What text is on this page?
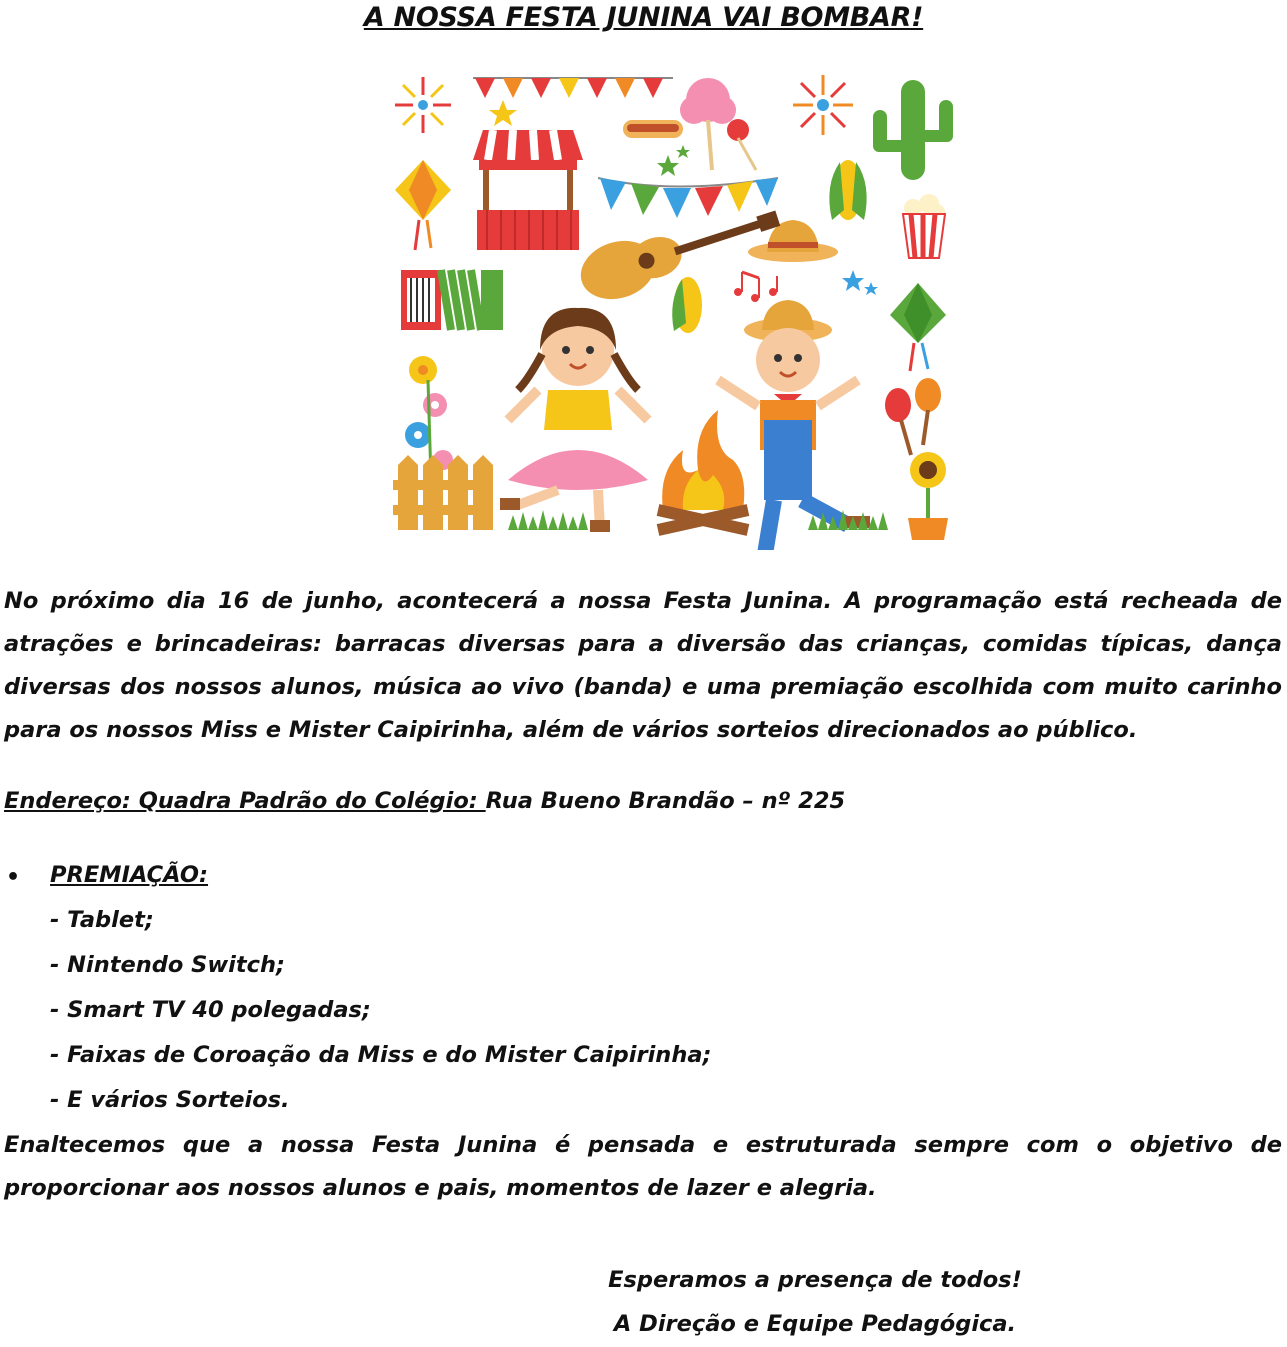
A NOSSA FESTA JUNINA VAI BOMBAR!

No próximo dia 16 de junho, acontecerá a nossa Festa Junina. A programação está recheada de atrações e brincadeiras: barracas diversas para a diversão das crianças, comidas típicas, dança diversas dos nossos alunos, música ao vivo (banda) e uma premiação escolhida com muito carinho para os nossos Miss e Mister Caipirinha, além de vários sorteios direcionados ao público.

Endereço: Quadra Padrão do Colégio: Rua Bueno Brandão – nº 225
• PREMIAÇÃO:
- Tablet;
- Nintendo Switch;
- Smart TV 40 polegadas;
- Faixas de Coroação da Miss e do Mister Caipirinha;
- E vários Sorteios.

Enaltecemos que a nossa Festa Junina é pensada e estruturada sempre com o objetivo de proporcionar aos nossos alunos e pais, momentos de lazer e alegria.

Esperamos a presença de todos!
A Direção e Equipe Pedagógica.
